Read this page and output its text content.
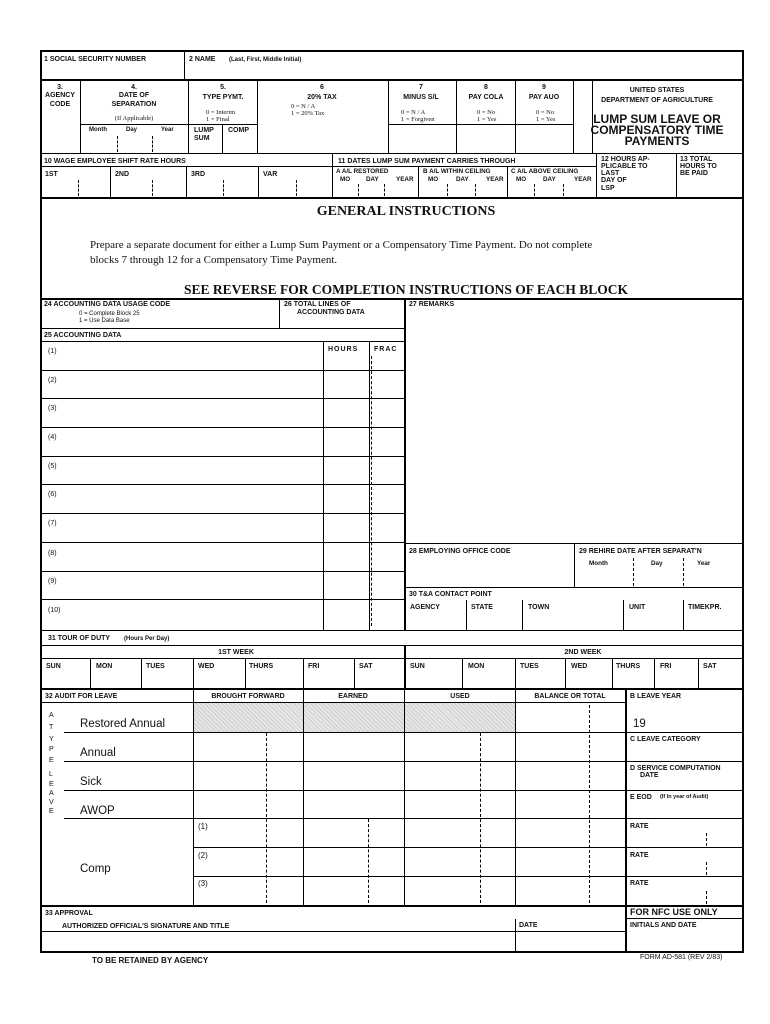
1 SOCIAL SECURITY NUMBER	2 NAME (Last, First, Middle Initial)
3.
AGENCY
CODE
4.
DATE OF
SEPARATION
(If Applicable)
Month	Day	Year
5.
TYPE PYMT.
0 = Interim
1 = Final
LUMP
SUM
COMP
6
20% TAX
0 = N / A
1 = 20% Tax
7
MINUS S/L
0 = N / A
1 = Forgiven
8
PAY COLA
0 = No
1 = Yes
9
PAY AUO
0 = No
1 = Yes
UNITED STATES
DEPARTMENT OF AGRICULTURE
LUMP SUM LEAVE OR
COMPENSATORY TIME
PAYMENTS
10 WAGE EMPLOYEE SHIFT RATE HOURS
1ST	2ND	3RD	VAR
11 DATES LUMP SUM PAYMENT CARRIES THROUGH
A A/L RESTORED	B A/L WITHIN CEILING	C A/L ABOVE CEILING
MO	DAY	YEAR MO	DAY	YEAR MO	DAY	YEAR
12 HOURS AP-
PLICABLE TO
LAST
DAY OF
LSP
13 TOTAL
HOURS TO
BE PAID
GENERAL INSTRUCTIONS
Prepare a separate document for either a Lump Sum Payment or a Compensatory Time Payment. Do not complete
blocks 7 through 12 for a Compensatory Time Payment.
SEE REVERSE FOR COMPLETION INSTRUCTIONS OF EACH BLOCK
24 ACCOUNTING DATA USAGE CODE
0 = Complete Block 25
1 = Use Data Base
26 TOTAL LINES OF
ACCOUNTING DATA
27 REMARKS
25 ACCOUNTING DATA
HOURS FRAC
(1)
(2)
(3)
(4)
(5)
(6)
(7)
(8)
(9)
(10)
28 EMPLOYING OFFICE CODE	29 REHIRE DATE AFTER SEPARAT'N
Month	Day	Year
30 T&A CONTACT POINT
AGENCY	STATE	TOWN	UNIT	TIMEKPR.
31 TOUR OF DUTY (Hours Per Day)
1ST WEEK	2ND WEEK
SUN	MON	TUES	WED	THURS	FRI	SAT	SUN	MON	TUES	WED	THURS	FRI	SAT
32 AUDIT FOR LEAVE	BROUGHT FORWARD	EARNED	USED	BALANCE OR TOTAL
A
T
Y
P
E
L
E
A
V
E
Restored Annual
Annual
Sick
AWOP
Comp
(1)
(2)
(3)
B LEAVE YEAR
19
C LEAVE CATEGORY
D SERVICE COMPUTATION
DATE
E EOD (If In year of Audit)
RATE
RATE
RATE
33 APPROVAL
AUTHORIZED OFFICIAL'S SIGNATURE AND TITLE	DATE
FOR NFC USE ONLY
INITIALS AND DATE
TO BE RETAINED BY AGENCY	FORM AD-581 (REV 2/83)
